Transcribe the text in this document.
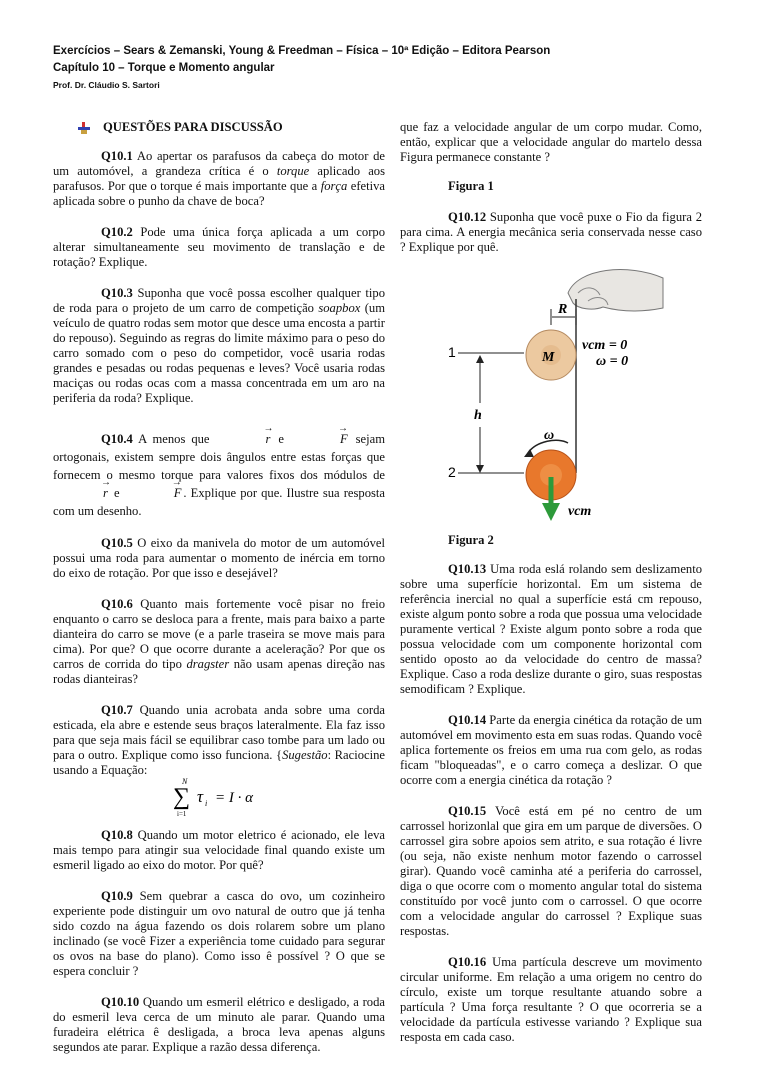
Exercícios – Sears & Zemanski, Young & Freedman – Física – 10ª Edição – Editora Pearson
Capítulo 10 – Torque e Momento angular
Prof. Dr. Cláudio S. Sartori
QUESTÕES PARA DISCUSSÃO

Q10.1 Ao apertar os parafusos da cabeça do motor de um automóvel, a grandeza crítica é o torque aplicado aos parafusos. Por que o torque é mais importante que a força efetiva aplicada sobre o punho da chave de boca?

Q10.2 Pode uma única força aplicada a um corpo alterar simultaneamente seu movimento de translação e de rotação? Explique.

Q10.3 Suponha que você possa escolher qualquer tipo de roda para o projeto de um carro de competição soapbox (um veículo de quatro rodas sem motor que desce uma encosta a partir do repouso). Seguindo as regras do limite máximo para o peso do carro somado com o peso do competidor, você usaria rodas grandes e pesadas ou rodas pequenas e leves? Você usaria rodas maciças ou rodas ocas com a massa concentrada em um aro na periferia da roda? Explique.

Q10.4 A menos que	→ r e	→ F sejam ortogonais, existem sempre dois ângulos entre estas forças que fornecem o mesmo torque para valores fixos dos módulos de → r e	→ F . Explique por que. Ilustre sua resposta com um desenho.

Q10.5 O eixo da manivela do motor de um automóvel possui uma roda para aumentar o momento de inércia em torno do eixo de rotação. Por que isso e desejável?

Q10.6 Quanto mais fortemente você pisar no freio enquanto o carro se desloca para a frente, mais para baixo a parte dianteira do carro se move (e a parle traseira se move mais para cima). Por que? O que ocorre durante a aceleração? Por que os carros de corrida do tipo dragster não usam apenas direção nas rodas dianteiras?

Q10.7 Quando unia acrobata anda sobre uma corda esticada, ela abre e estende seus braços lateralmente. Ela faz isso para que seja mais fácil se equilibrar caso tombe para um lado ou para o outro. Explique como isso funciona. {Sugestão: Raciocine usando a Equação:

N
∑
i=1
τ i = I · α

Q10.8 Quando um motor eletrico é acionado, ele leva mais tempo para atingir sua velocidade final quando existe um esmeril ligado ao eixo do motor. Por quê?

Q10.9 Sem quebrar a casca do ovo, um cozinheiro experiente pode distinguir um ovo natural de outro que já tenha sido cozdo na água fazendo os dois rolarem sobre um plano inclinado (se você Fizer a experiência tome cuidado para segurar os ovos na base do plano). Como isso ê possível ? O que se espera concluir ?

Q10.10 Quando um esmeril elétrico e desligado, a roda do esmeril leva cerca de um minuto ale parar. Quando uma furadeira elétrica ê desligada, a broca leva apenas alguns segundos ate parar. Explique a razão dessa diferença.

que faz a velocidade angular de um corpo mudar. Como, então, explicar que a velocidade angular do martelo dessa Figura permanece constante ?

Figura 1

Q10.12 Suponha que você puxe o Fio da figura 2 para cima. A energia mecânica seria conservada nesse caso ? Explique por quê.

R
M
vcm = 0
ω = 0
1
h
2
ω
vcm
Figura 2

Q10.13 Uma roda eslá rolando sem deslizamento sobre uma superfície horizontal. Em um sistema de referência inercial no qual a superfície está cm repouso, existe algum ponto sobre a roda que possua uma velocidade puramente vertical ? Existe algum ponto sobre a roda que possua velocidade com um componente horizontal com sentido oposto ao da velocidade do centro de massa? Explique. Caso a roda deslize durante o giro, suas respostas semodificam ? Explique.

Q10.14 Parte da energia cinética da rotação de um automóvel em movimento esta em suas rodas. Quando você aplica fortemente os freios em uma rua com gelo, as rodas ficam "bloqueadas", e o carro começa a deslizar. O que ocorre com a energia cinética da rotação ?

Q10.15 Você está em pé no centro de um carrossel horizonlal que gira em um parque de diversões. O carrossel gira sobre apoios sem atrito, e sua rotação é livre (ou seja, não existe nenhum motor fazendo o carrossel girar). Quando você caminha até a periferia do carrossel, diga o que ocorre com o momento angular total do sistema constituído por você junto com o carrossel. O que ocorre com a velocidade angular do carrossel ? Explique suas respostas.

Q10.16 Uma partícula descreve um movimento circular uniforme. Em relação a uma origem no centro do círculo, existe um torque resultante atuando sobre a partícula ? Uma força resultante ? O que ocorreria se a velocidade da partícula estivesse variando ? Explique sua resposta em cada caso.
